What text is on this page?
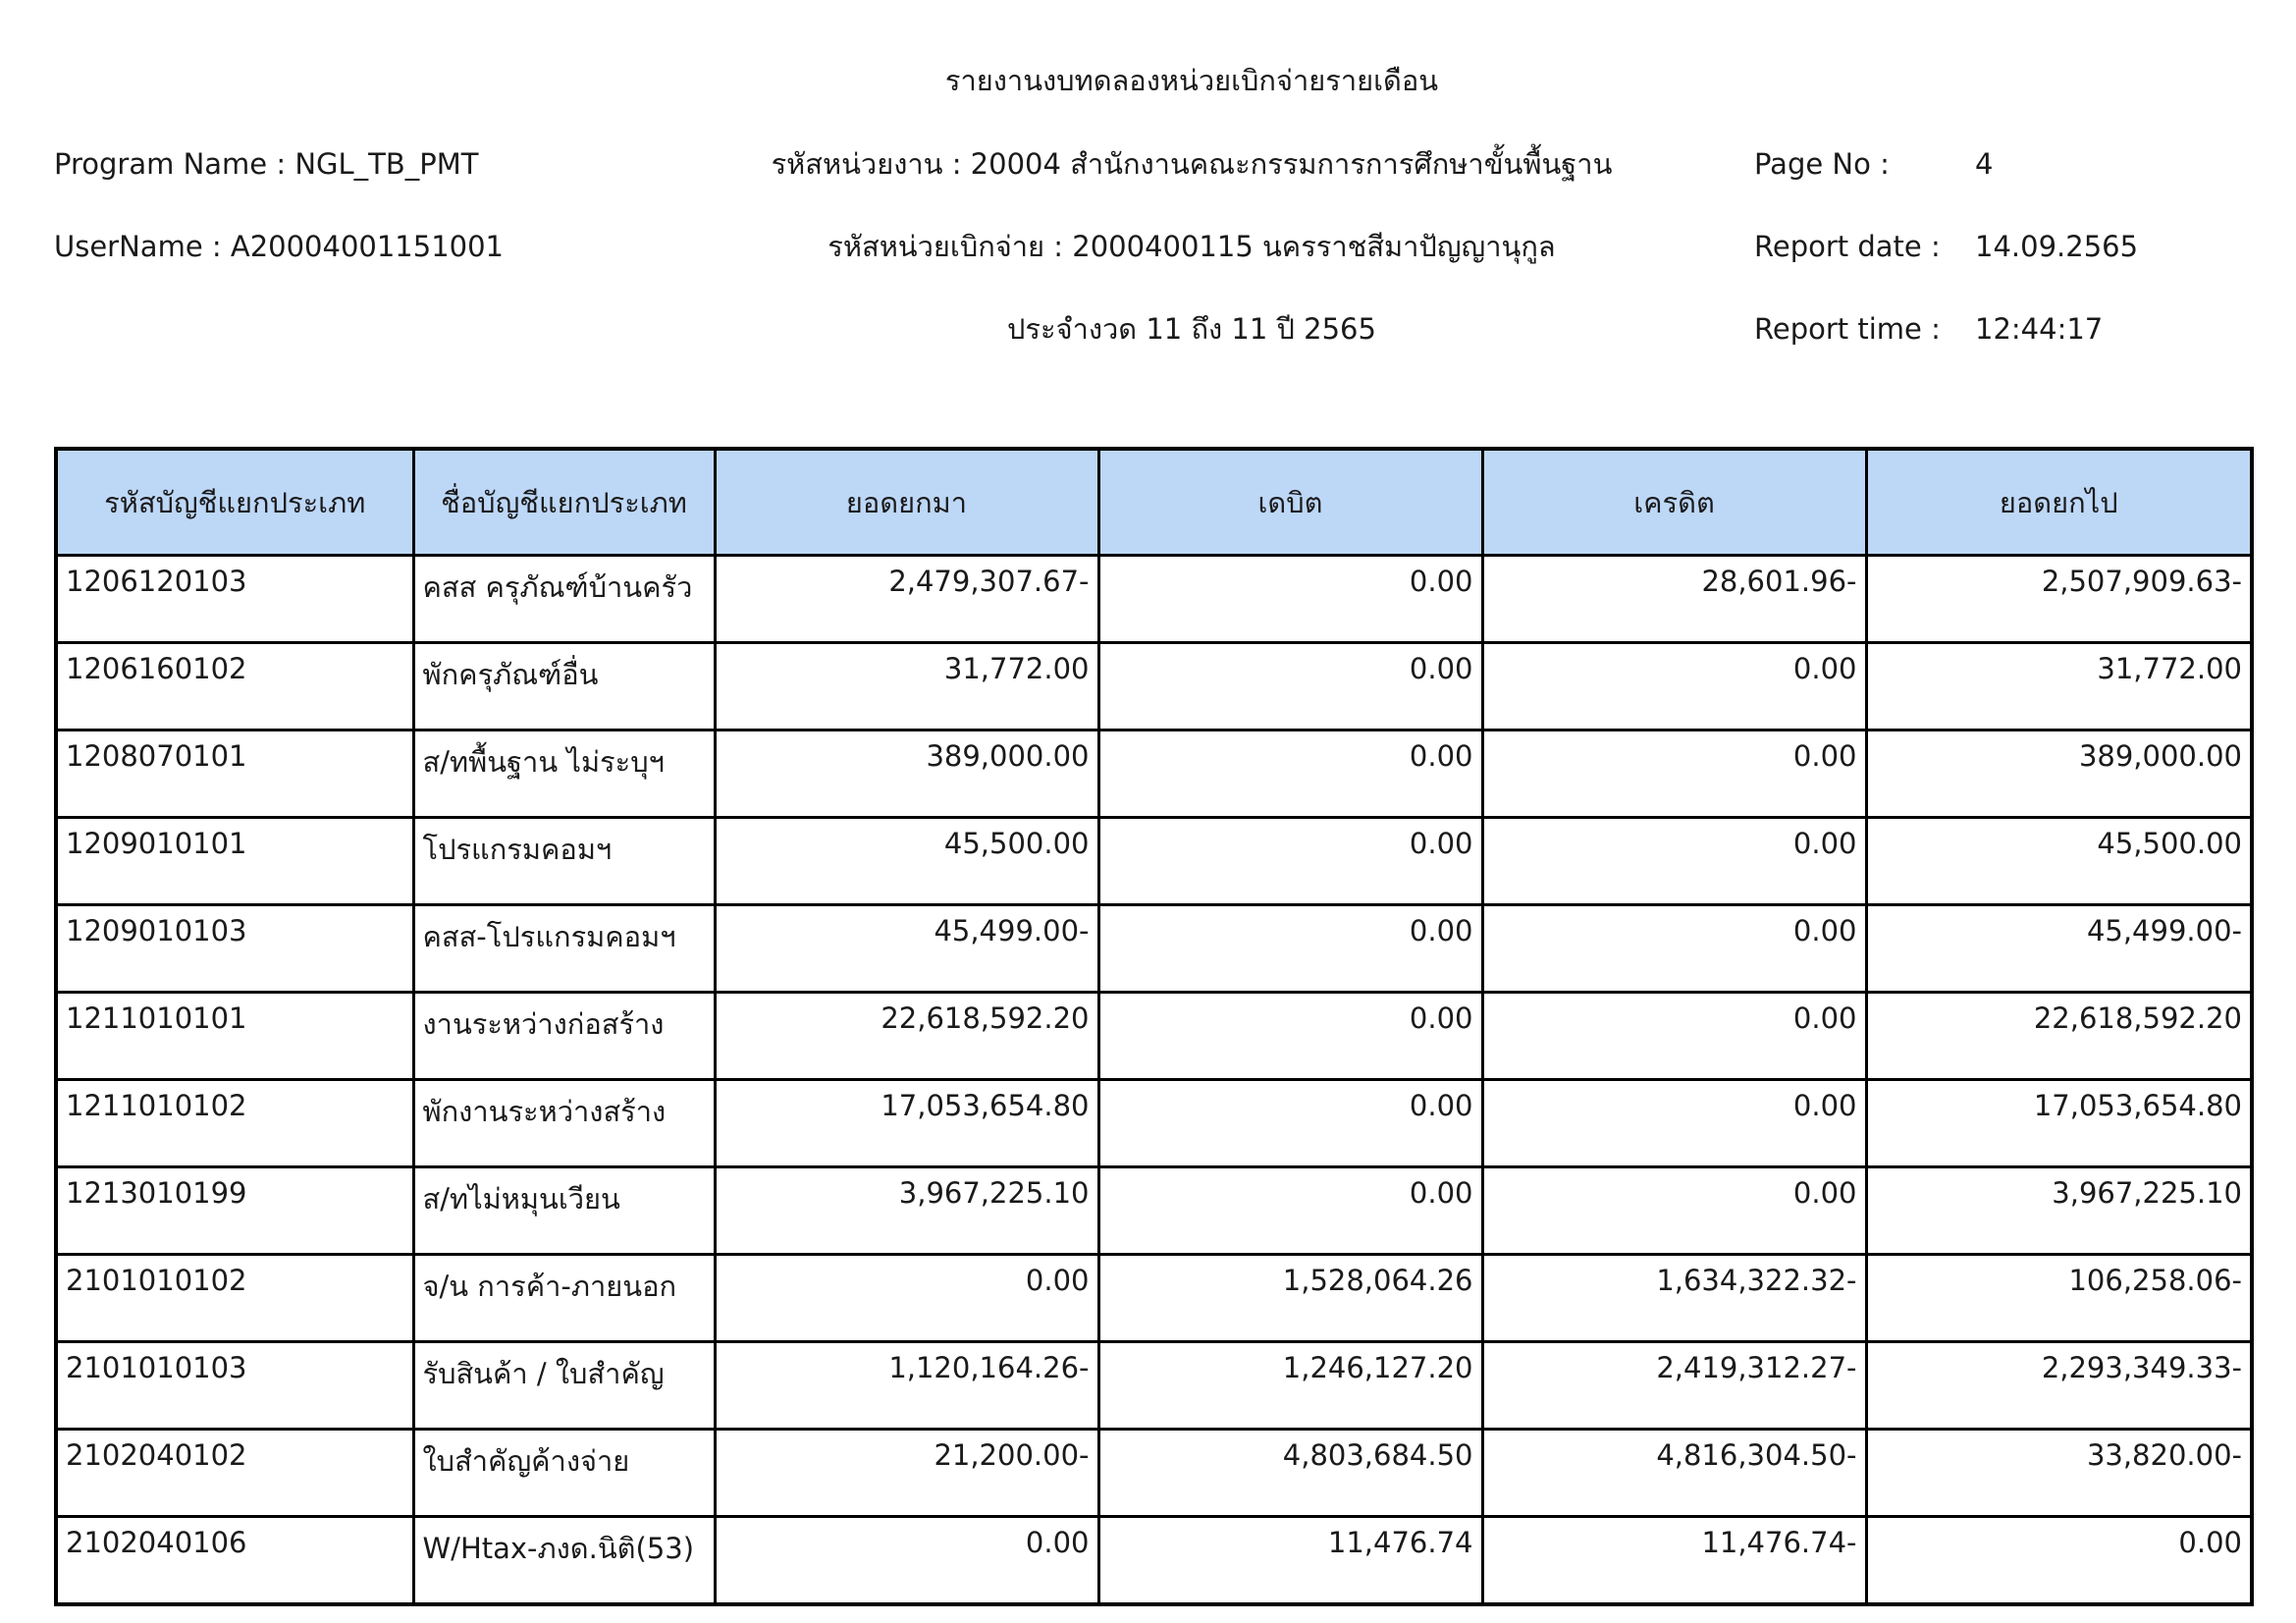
รายงานงบทดลองหน่วยเบิกจ่ายรายเดือน
Program Name : NGL_TB_PMT	รหัสหน่วยงาน : 20004 สำนักงานคณะกรรมการการศึกษาขั้นพื้นฐาน	Page No :	4
UserName : A20004001151001	รหัสหน่วยเบิกจ่าย : 2000400115 นครราชสีมาปัญญานุกูล	Report date : 14.09.2565
ประจำงวด 11 ถึง 11 ปี 2565	Report time : 12:44:17
รหัสบัญชีแยกประเภท	ชื่อบัญชีแยกประเภท	ยอดยกมา	เดบิต	เครดิต	ยอดยกไป
1206120103	คสส ครุภัณฑ์บ้านครัว	2,479,307.67-	0.00	28,601.96-	2,507,909.63-
1206160102	พักครุภัณฑ์อื่น	31,772.00	0.00	0.00	31,772.00
1208070101	ส/ทพื้นฐาน ไม่ระบุฯ	389,000.00	0.00	0.00	389,000.00
1209010101	โปรแกรมคอมฯ	45,500.00	0.00	0.00	45,500.00
1209010103	คสส-โปรแกรมคอมฯ	45,499.00-	0.00	0.00	45,499.00-
1211010101	งานระหว่างก่อสร้าง	22,618,592.20	0.00	0.00	22,618,592.20
1211010102	พักงานระหว่างสร้าง	17,053,654.80	0.00	0.00	17,053,654.80
1213010199	ส/ทไม่หมุนเวียน	3,967,225.10	0.00	0.00	3,967,225.10
2101010102	จ/น การค้า-ภายนอก	0.00	1,528,064.26	1,634,322.32-	106,258.06-
2101010103	รับสินค้า / ใบสำคัญ	1,120,164.26-	1,246,127.20	2,419,312.27-	2,293,349.33-
2102040102	ใบสำคัญค้างจ่าย	21,200.00-	4,803,684.50	4,816,304.50-	33,820.00-
2102040106	W/Htax-ภงด.นิติ(53)	0.00	11,476.74	11,476.74-	0.00
